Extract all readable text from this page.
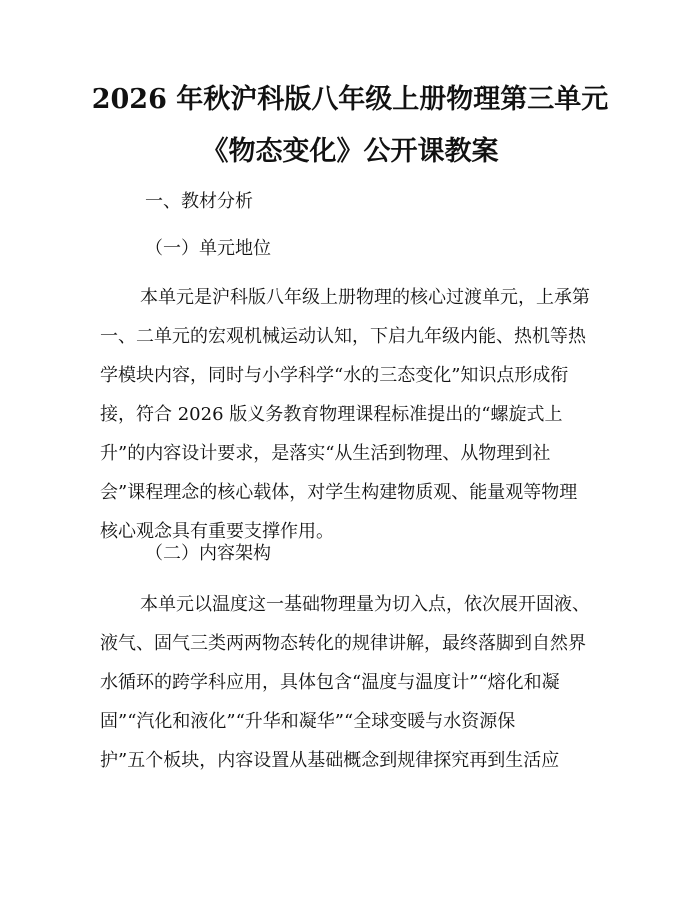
2026 年秋沪科版八年级上册物理第三单元
《物态变化》公开课教案
一、教材分析
（一）单元地位
本单元是沪科版八年级上册物理的核心过渡单元，上承第
一、二单元的宏观机械运动认知，下启九年级内能、热机等热
学模块内容，同时与小学科学“水的三态变化”知识点形成衔
接，符合 2026 版义务教育物理课程标准提出的“螺旋式上
升”的内容设计要求，是落实“从生活到物理、从物理到社
会”课程理念的核心载体，对学生构建物质观、能量观等物理
核心观念具有重要支撑作用。
（二）内容架构
本单元以温度这一基础物理量为切入点，依次展开固液、
液气、固气三类两两物态转化的规律讲解，最终落脚到自然界
水循环的跨学科应用，具体包含“温度与温度计”“熔化和凝
固”“汽化和液化”“升华和凝华”“全球变暖与水资源保
护”五个板块，内容设置从基础概念到规律探究再到生活应
